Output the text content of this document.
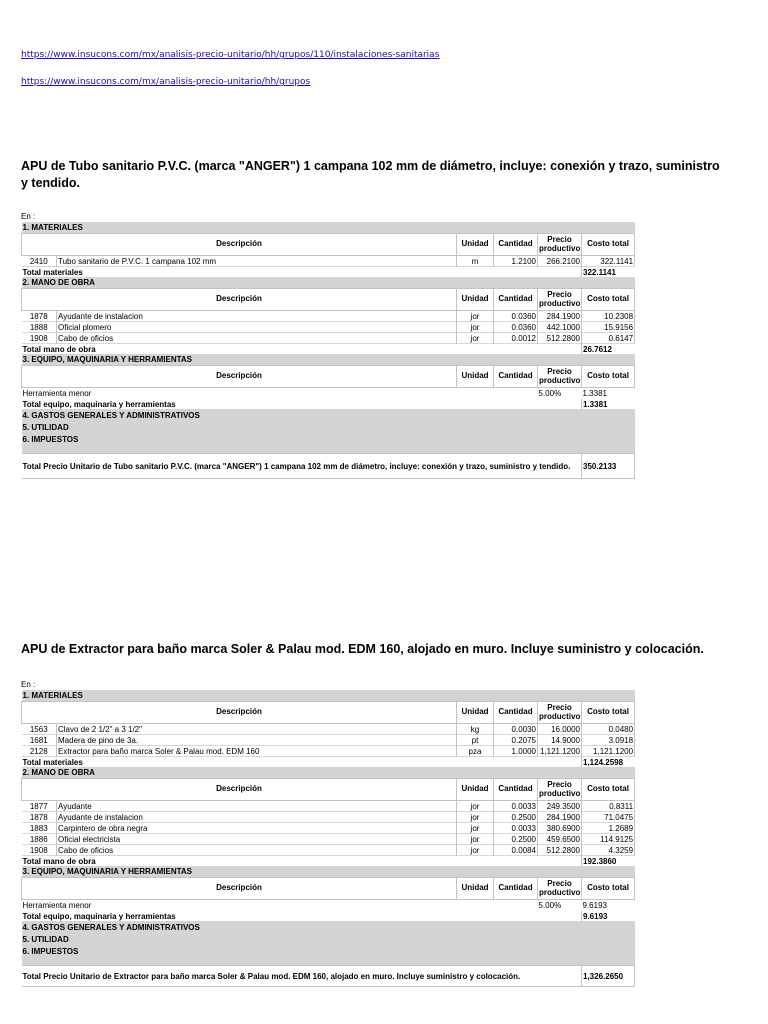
https://www.insucons.com/mx/analisis-precio-unitario/hh/grupos/110/instalaciones-sanitarias
https://www.insucons.com/mx/analisis-precio-unitario/hh/grupos
APU de Tubo sanitario P.V.C. (marca "ANGER") 1 campana 102 mm de diámetro, incluye: conexión y trazo, suministro y tendido.
En :
1. MATERIALES					
Descripción		Unidad	Cantidad	Precio productivo	Costo total
2410	Tubo sanitario de P.V.C. 1 campana 102 mm	m	1.2100	266.2100	322.1141
Total materiales					322.1141
2. MANO DE OBRA					
Descripción		Unidad	Cantidad	Precio productivo	Costo total
1878	Ayudante de instalacion	jor	0.0360	284.1900	10.2308
1888	Oficial plomero	jor	0.0360	442.1000	15.9156
1908	Cabo de oficios	jor	0.0012	512.2800	0.6147
Total mano de obra					26.7612
3. EQUIPO, MAQUINARIA Y HERRAMIENTAS					
Descripción		Unidad	Cantidad	Precio productivo	Costo total
Herramienta menor				5.00%	1.3381
Total equipo, maquinaria y herramientas					1.3381
4. GASTOS GENERALES Y ADMINISTRATIVOS					
5. UTILIDAD					
6. IMPUESTOS					

Total Precio Unitario de Tubo sanitario P.V.C. (marca "ANGER") 1 campana 102 mm de diámetro, incluye: conexión y trazo, suministro y tendido.					350.2133
APU de Extractor para baño marca Soler & Palau mod. EDM 160, alojado en muro. Incluye suministro y colocación.
En :
1. MATERIALES					
Descripción		Unidad	Cantidad	Precio productivo	Costo total
1563	Clavo de 2 1/2" a 3 1/2"	kg	0.0030	16.0000	0.0480
1681	Madera de pino de 3a.	pt	0.2075	14.9000	3.0918
2128	Extractor para baño marca Soler & Palau mod. EDM 160	pza	1.0000	1,121.1200	1,121.1200
Total materiales					1,124.2598
2. MANO DE OBRA					
Descripción		Unidad	Cantidad	Precio productivo	Costo total
1877	Ayudante	jor	0.0033	249.3500	0.8311
1878	Ayudante de instalacion	jor	0.2500	284.1900	71.0475
1883	Carpintero de obra negra	jor	0.0033	380.6900	1.2689
1886	Oficial electricista	jor	0.2500	459.6500	114.9125
1908	Cabo de oficios	jor	0.0084	512.2800	4.3259
Total mano de obra					192.3860
3. EQUIPO, MAQUINARIA Y HERRAMIENTAS					
Descripción		Unidad	Cantidad	Precio productivo	Costo total
Herramienta menor				5.00%	9.6193
Total equipo, maquinaria y herramientas					9.6193
4. GASTOS GENERALES Y ADMINISTRATIVOS					
5. UTILIDAD					
6. IMPUESTOS					

Total Precio Unitario de Extractor para baño marca Soler & Palau mod. EDM 160, alojado en muro. Incluye suministro y colocación.					1,326.2650
